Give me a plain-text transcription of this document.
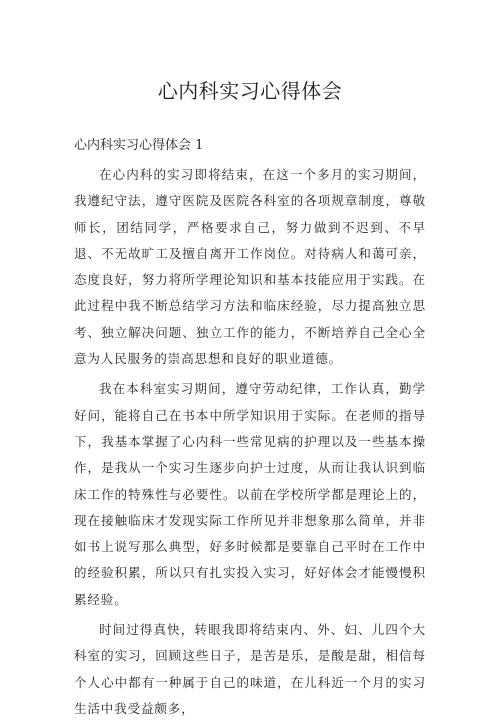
心内科实习心得体会
心内科实习心得体会 1

在心内科的实习即将结束，在这一个多月的实习期间，我遵纪守法，遵守医院及医院各科室的各项规章制度，尊敬师长，团结同学，严格要求自己，努力做到不迟到、不早退、不无故旷工及擅自离开工作岗位。对待病人和蔼可亲，态度良好，努力将所学理论知识和基本技能应用于实践。在此过程中我不断总结学习方法和临床经验，尽力提高独立思考、独立解决问题、独立工作的能力，不断培养自己全心全意为人民服务的崇高思想和良好的职业道德。

我在本科室实习期间，遵守劳动纪律，工作认真，勤学好问，能将自己在书本中所学知识用于实际。在老师的指导下，我基本掌握了心内科一些常见病的护理以及一些基本操作，是我从一个实习生逐步向护士过度，从而让我认识到临床工作的特殊性与必要性。以前在学校所学都是理论上的，现在接触临床才发现实际工作所见并非想象那么简单，并非如书上说写那么典型，好多时候都是要靠自己平时在工作中的经验积累，所以只有扎实投入实习，好好体会才能慢慢积累经验。

时间过得真快，转眼我即将结束内、外、妇、儿四个大科室的实习，回顾这些日子，是苦是乐，是酸是甜，相信每个人心中都有一种属于自己的味道，在儿科近一个月的实习生活中我受益颇多，
